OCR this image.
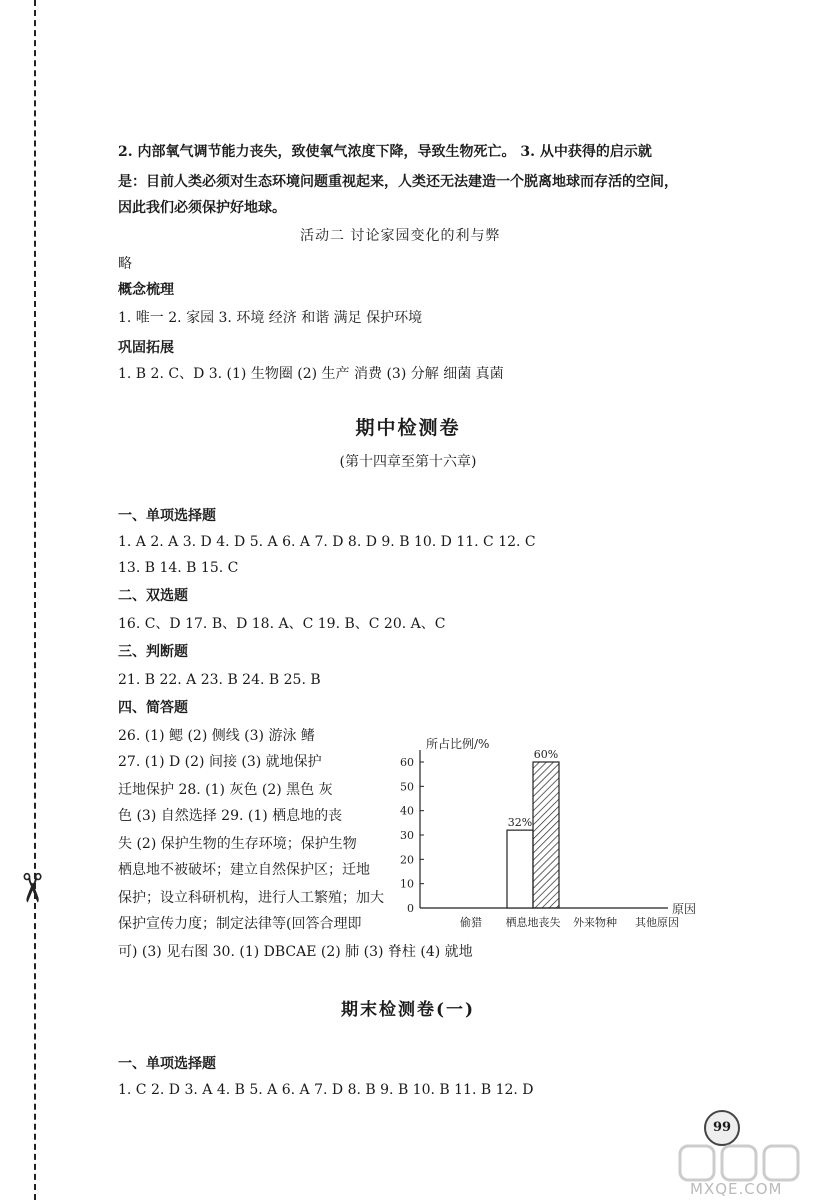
✂
2. 内部氧气调节能力丧失，致使氧气浓度下降，导致生物死亡。 3. 从中获得的启示就
是：目前人类必须对生态环境问题重视起来，人类还无法建造一个脱离地球而存活的空间，
因此我们必须保护好地球。
活动二 讨论家园变化的利与弊
略
概念梳理
1. 唯一 2. 家园 3. 环境 经济 和谐 满足 保护环境
巩固拓展
1. B 2. C、D 3. (1) 生物圈 (2) 生产 消费 (3) 分解 细菌 真菌
期中检测卷
(第十四章至第十六章)
一、单项选择题
1. A 2. A 3. D 4. D 5. A 6. A 7. D 8. D 9. B 10. D 11. C 12. C
13. B 14. B 15. C
二、双选题
16. C、D 17. B、D 18. A、C 19. B、C 20. A、C
三、判断题
21. B 22. A 23. B 24. B 25. B
四、简答题
26. (1) 鳃 (2) 侧线 (3) 游泳 鳍
27. (1) D (2) 间接 (3) 就地保护
迁地保护 28. (1) 灰色 (2) 黑色 灰
色 (3) 自然选择 29. (1) 栖息地的丧
失 (2) 保护生物的生存环境；保护生物
栖息地不被破坏；建立自然保护区；迁地
保护；设立科研机构，进行人工繁殖；加大
保护宣传力度；制定法律等(回答合理即
可) (3) 见右图 30. (1) DBCAE (2) 肺 (3) 脊柱 (4) 就地
所占比例/%
原因
0
10
20
30
40
50
60
32%
60%
偷猎 栖息地丧失 外来物种 其他原因
期末检测卷(一)
一、单项选择题
1. C 2. D 3. A 4. B 5. A 6. A 7. D 8. B 9. B 10. B 11. B 12. D
99
MXQE.COM
